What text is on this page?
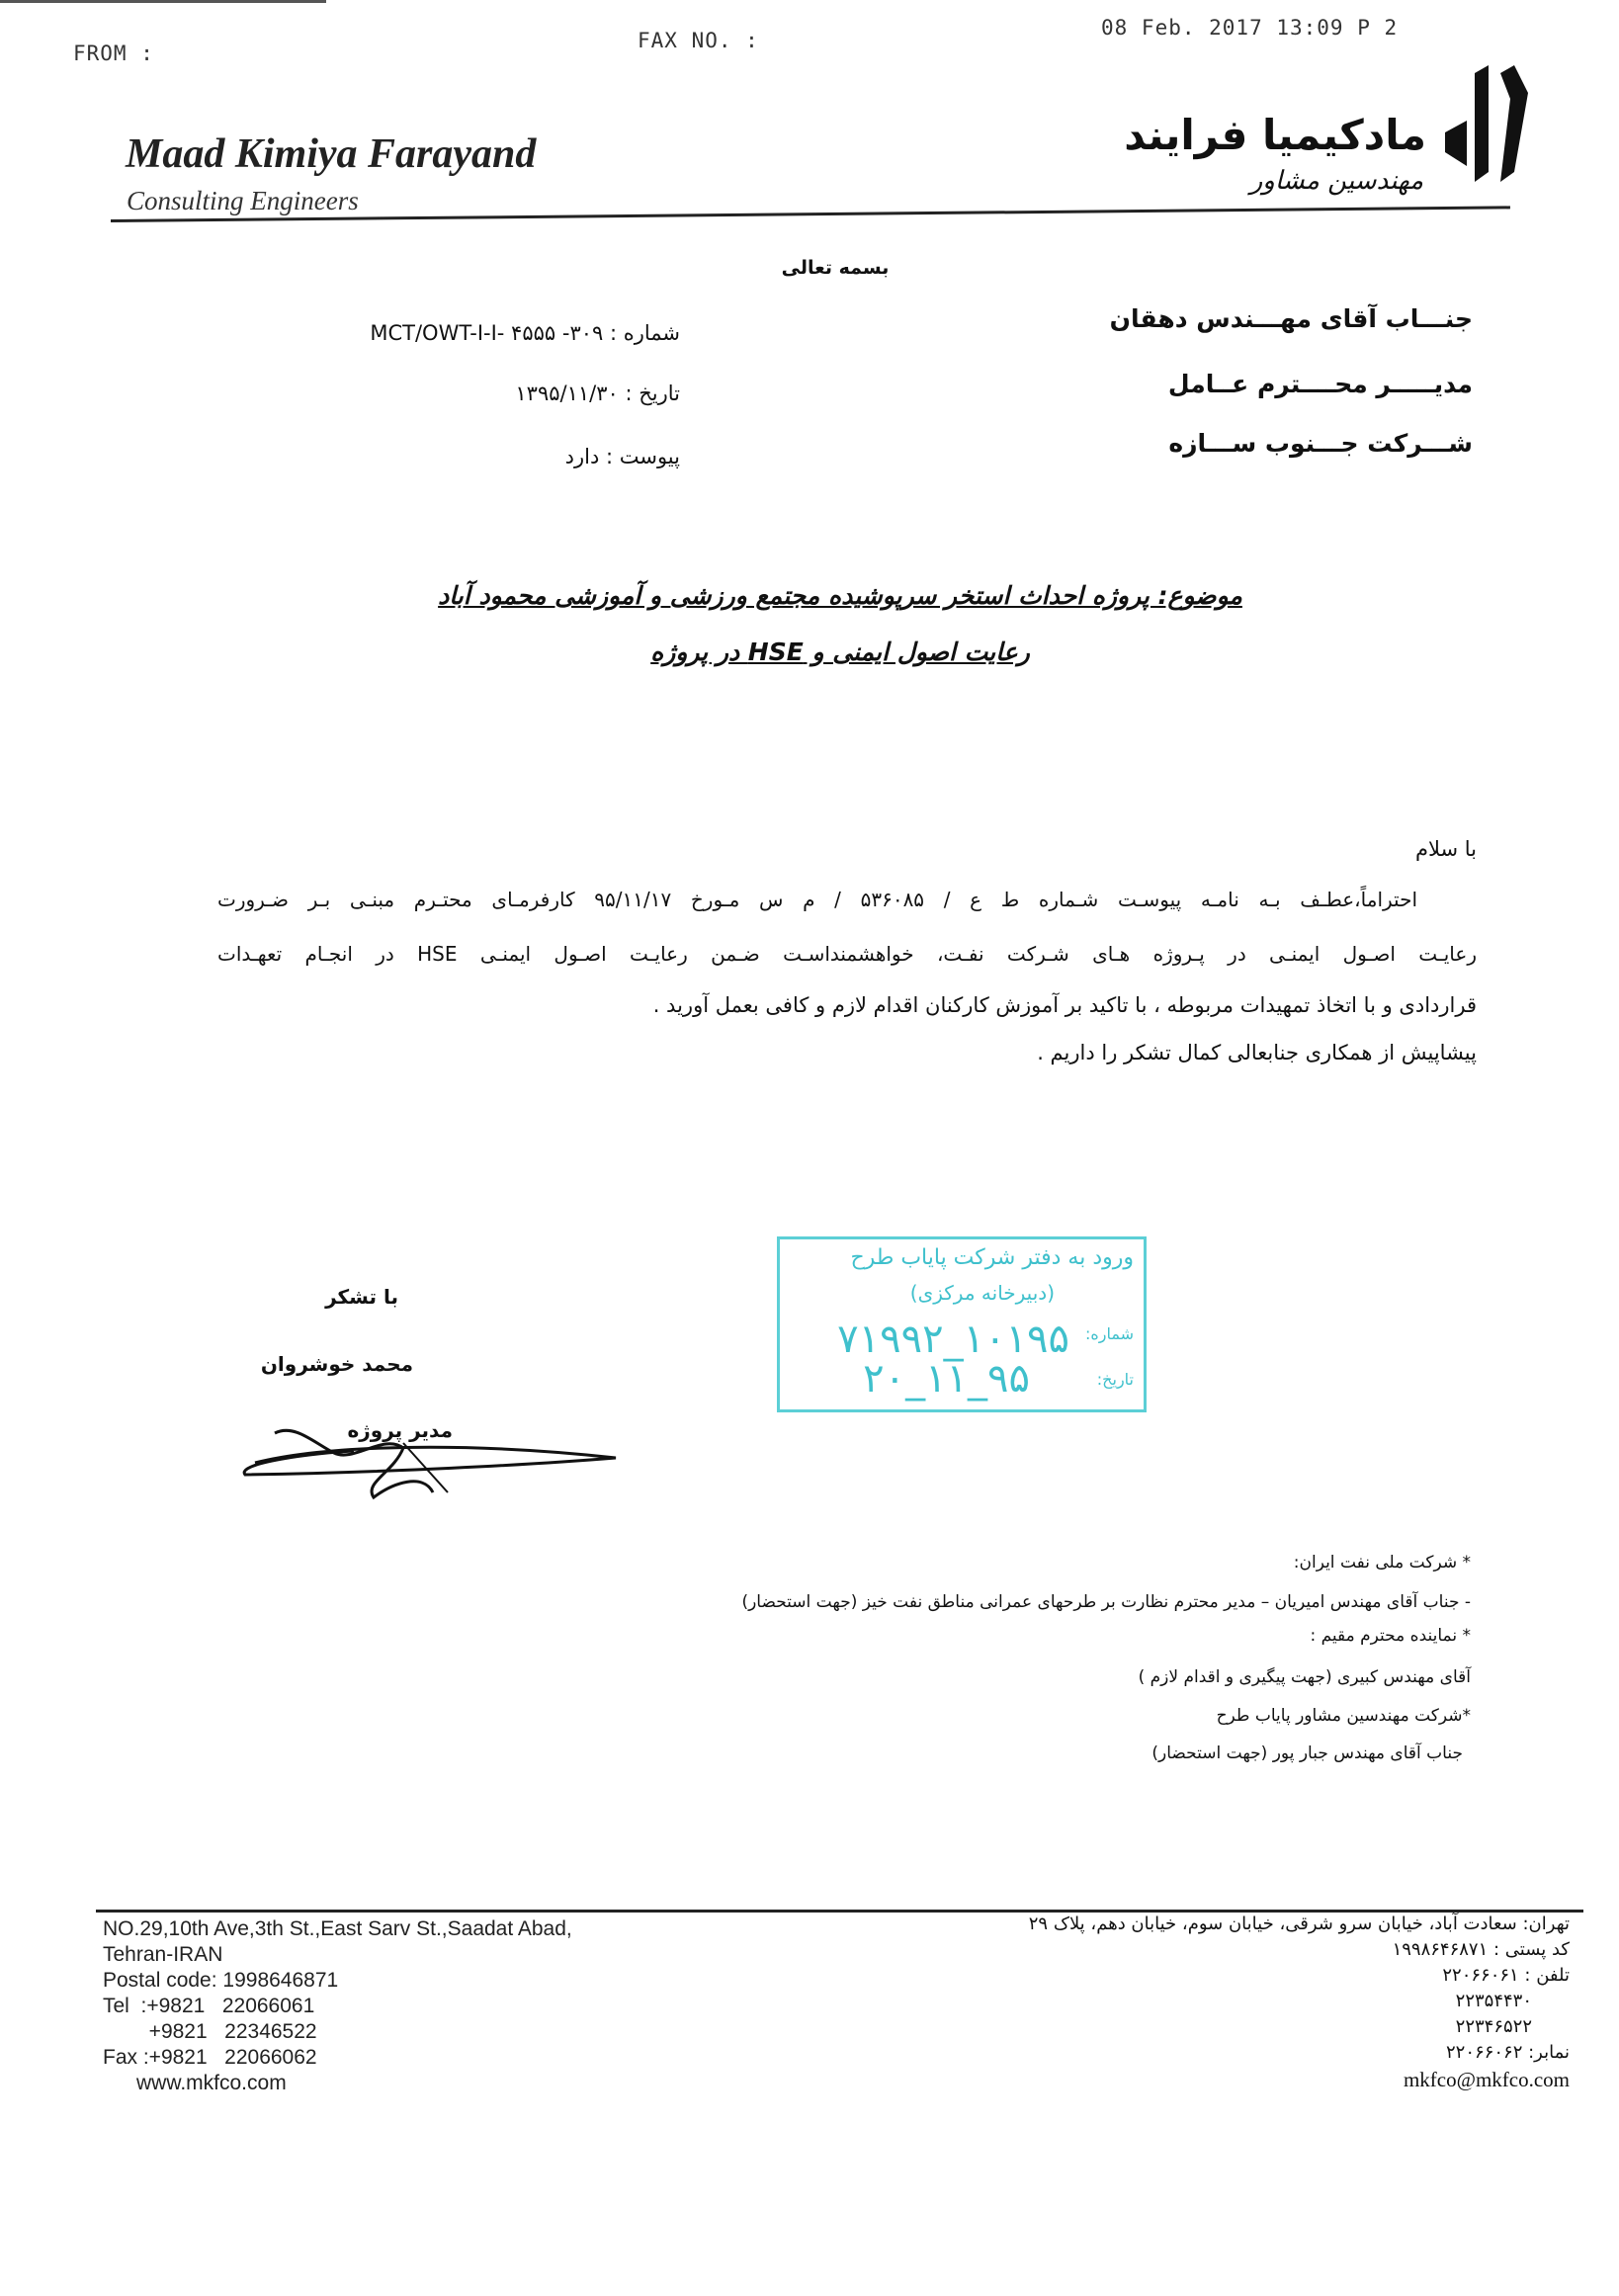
FROM :
FAX NO. :
08 Feb. 2017 13:09 P 2
Maad Kimiya Farayand
Consulting Engineers
مادکیمیا فرایند
مهندسین مشاور
بسمه تعالی
جنـــاب آقای مهـــندس دهقان
مدیـــــر محــــترم عــامل
شـــرکت جـــنوب ســـازه
شماره : ۳۰۹- MCT/OWT-I-I- ۴۵۵۵
تاریخ : ۱۳۹۵/۱۱/۳۰
پیوست : دارد
موضوع: پروژه احداث استخر سرپوشیده مجتمع ورزشی و آموزشی محمود آباد
رعایت اصول ایمنی و HSE در پروژه
با سلام
احتراماً،عطـف بـه نامـه پیوسـت شـماره ط ع / ۵۳۶۰۸۵ / م س مـورخ ۹۵/۱۱/۱۷ کارفرمـای محتـرم مبنـی بـر ضـرورت
رعایـت اصـول ایمنـی در پـروژه هـای شـرکت نفـت، خواهشمنداسـت ضـمن رعایـت اصـول ایمنـی HSE در انجـام تعهـدات
قراردادی و با اتخاذ تمهیدات مربوطه ، با تاکید بر آموزش کارکنان اقدام لازم و کافی بعمل آورید .
پیشاپیش از همکاری جنابعالی کمال تشکر را داریم .
ورود به دفتر شرکت پایاب طرح
(دبیرخانه مرکزی)
شماره:
۱۰۱۹۵_۷۱۹۹۲
تاریخ:
۹۵_۱۱_۲۰
با تشکر
محمد خوشروان
مدیر پروژه
* شرکت ملی نفت ایران:
- جناب آقای مهندس امیریان – مدیر محترم نظارت بر طرحهای عمرانی مناطق نفت خیز (جهت استحضار)
* نماینده محترم مقیم :
آقای مهندس کبیری (جهت پیگیری و اقدام لازم )
*شرکت مهندسین مشاور پایاب طرح
جناب آقای مهندس جبار پور (جهت استحضار)
NO.29,10th Ave,3th St.,East Sarv St.,Saadat Abad,
Tehran-IRAN
Postal code: 1998646871
Tel  :+9821   22066061
+9821   22346522
Fax :+9821   22066062
www.mkfco.com
تهران: سعادت آباد، خیابان سرو شرقی، خیابان سوم، خیابان دهم، پلاک ۲۹
کد پستی : ۱۹۹۸۶۴۶۸۷۱
تلفن : ۲۲۰۶۶۰۶۱
۲۲۳۵۴۴۳۰
۲۲۳۴۶۵۲۲
نمابر: ۲۲۰۶۶۰۶۲
mkfco@mkfco.com
